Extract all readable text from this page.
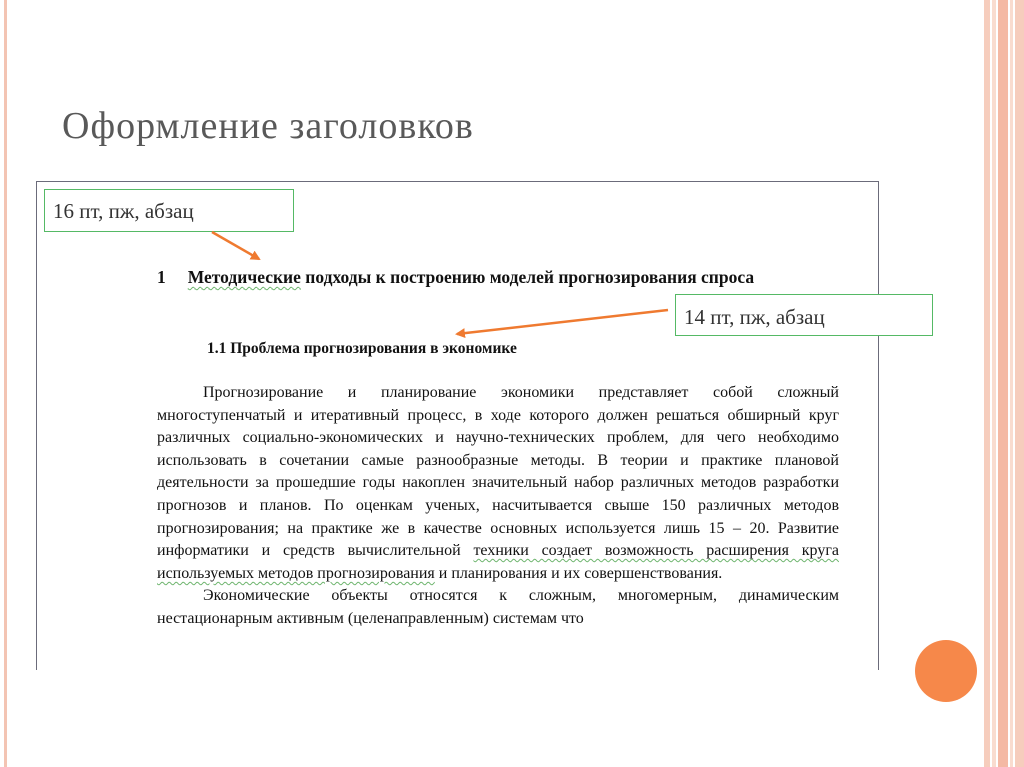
Оформление заголовков
1 Методические подходы к построению моделей прогнозирования спроса
1.1 Проблема прогнозирования в экономике

Прогнозирование и планирование экономики представляет собой сложный многоступенчатый и итеративный процесс, в ходе которого должен решаться обширный круг различных социально-экономических и научно-технических проблем, для чего необходимо использовать в сочетании самые разнообразные методы. В теории и практике плановой деятельности за прошедшие годы накоплен значительный набор различных методов разработки прогнозов и планов. По оценкам ученых, насчитывается свыше 150 различных методов прогнозирования; на практике же в качестве основных используется лишь 15 – 20. Развитие информатики и средств вычислительной техники создает возможность расширения круга используемых методов прогнозирования и планирования и их совершенствования.

Экономические объекты относятся к сложным, многомерным, динамическим нестационарным активным (целенаправленным) системам что

16 пт, пж, абзац
14 пт, пж, абзац
